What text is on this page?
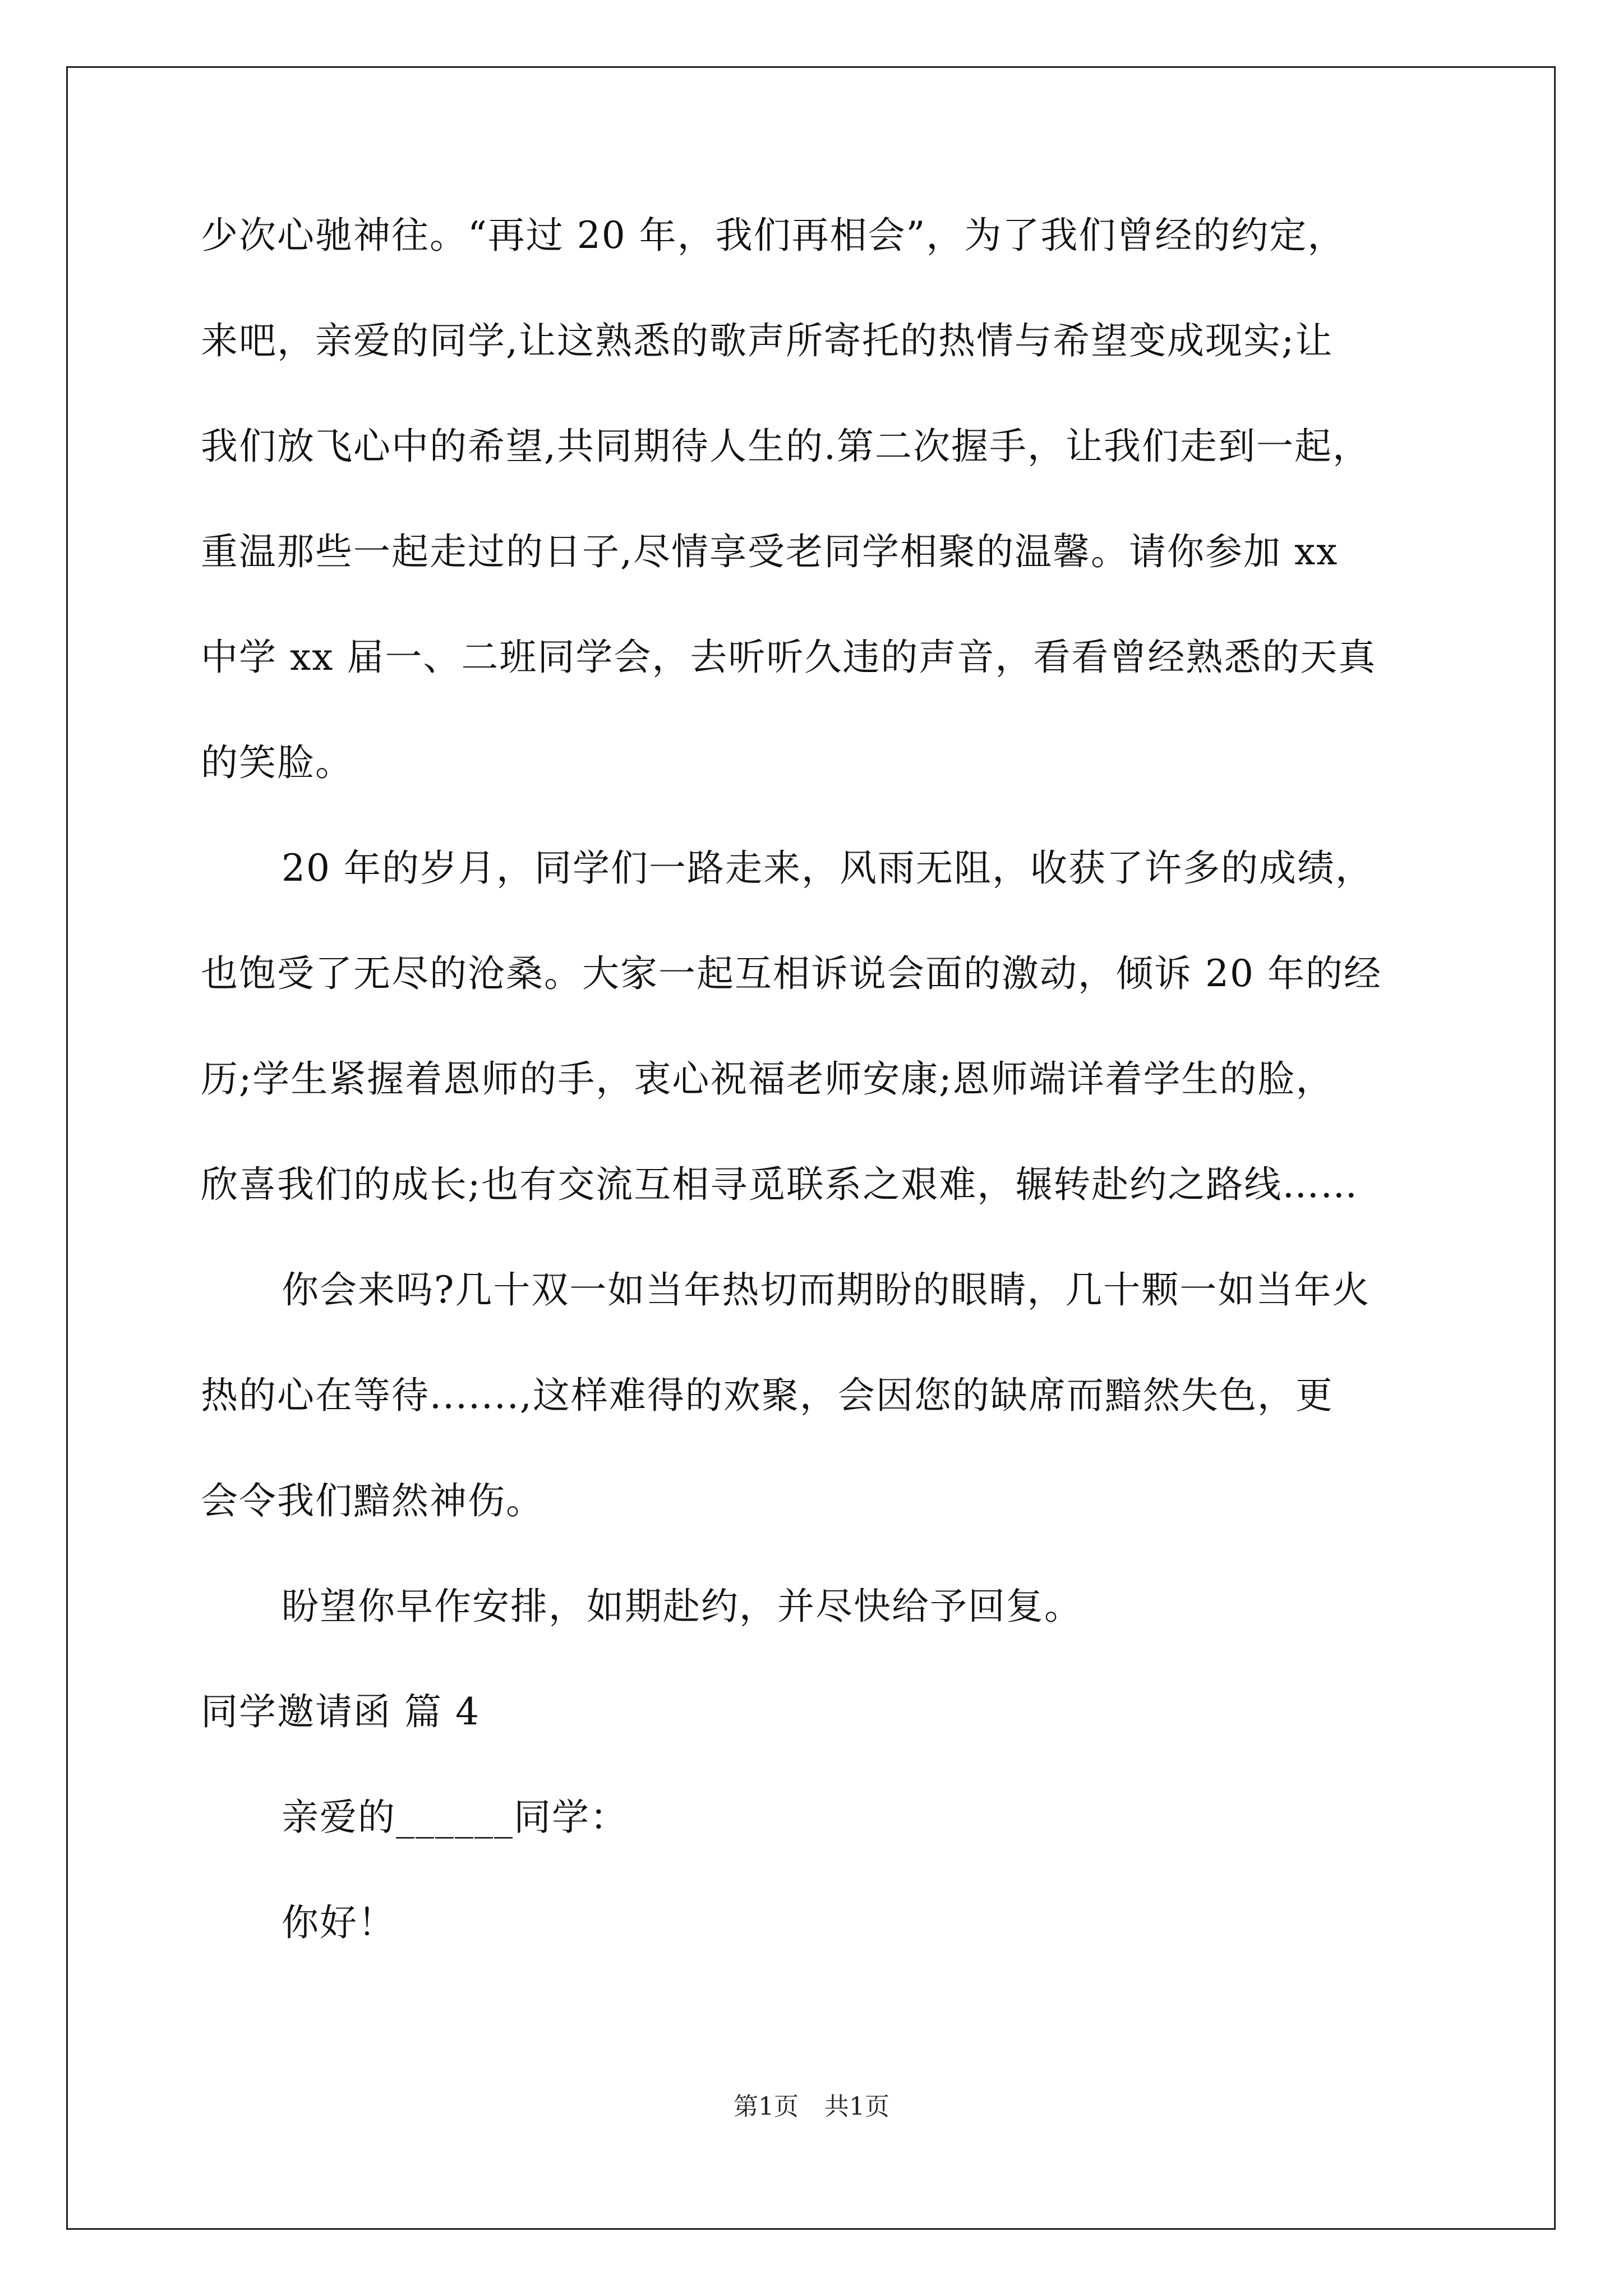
少次心驰神往。“再过 20 年，我们再相会”，为了我们曾经的约定，
来吧，亲爱的同学,让这熟悉的歌声所寄托的热情与希望变成现实;让
我们放飞心中的希望,共同期待人生的.第二次握手，让我们走到一起，
重温那些一起走过的日子,尽情享受老同学相聚的温馨。请你参加 xx
中学 xx 届一、二班同学会，去听听久违的声音，看看曾经熟悉的天真
的笑脸。
20 年的岁月，同学们一路走来，风雨无阻，收获了许多的成绩，
也饱受了无尽的沧桑。大家一起互相诉说会面的激动，倾诉 20 年的经
历;学生紧握着恩师的手，衷心祝福老师安康;恩师端详着学生的脸，
欣喜我们的成长;也有交流互相寻觅联系之艰难，辗转赴约之路线……
你会来吗?几十双一如当年热切而期盼的眼睛，几十颗一如当年火
热的心在等待.......,这样难得的欢聚，会因您的缺席而黯然失色，更
会令我们黯然神伤。
盼望你早作安排，如期赴约，并尽快给予回复。
同学邀请函 篇 4
亲爱的______同学：
你好！
第1页 共1页
